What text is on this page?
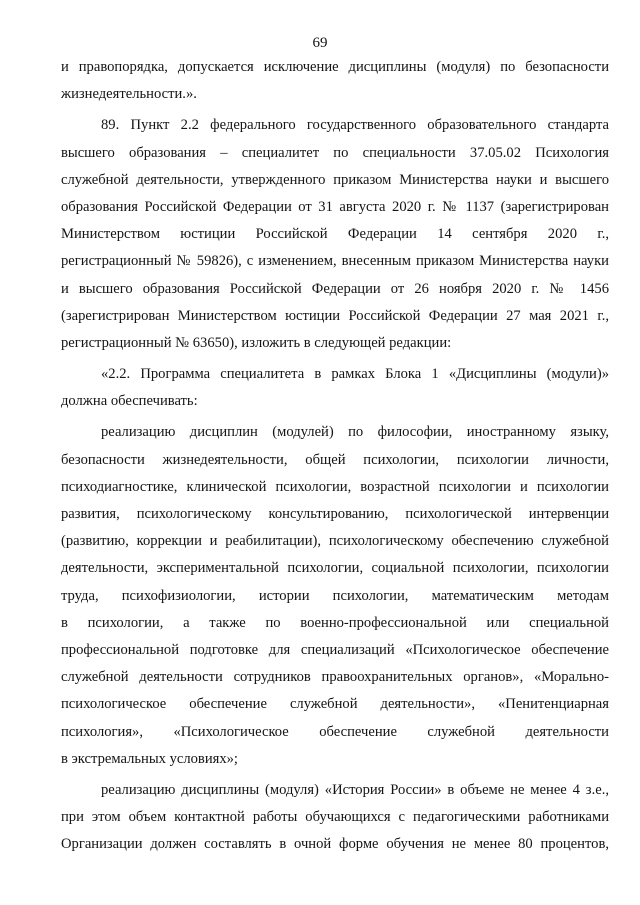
69
и правопорядка, допускается исключение дисциплины (модуля) по безопасности
жизнедеятельности.».
89. Пункт 2.2 федерального государственного образовательного стандарта
высшего образования – специалитет по специальности 37.05.02 Психология
служебной деятельности, утвержденного приказом Министерства науки и высшего
образования Российской Федерации от 31 августа 2020 г. № 1137 (зарегистрирован
Министерством юстиции Российской Федерации 14 сентября 2020 г.,
регистрационный № 59826), с изменением, внесенным приказом Министерства науки
и высшего образования Российской Федерации от 26 ноября 2020 г. № 1456
(зарегистрирован Министерством юстиции Российской Федерации 27 мая 2021 г.,
регистрационный № 63650), изложить в следующей редакции:
«2.2. Программа специалитета в рамках Блока 1 «Дисциплины (модули)»
должна обеспечивать:
реализацию дисциплин (модулей) по философии, иностранному языку,
безопасности жизнедеятельности, общей психологии, психологии личности,
психодиагностике, клинической психологии, возрастной психологии и психологии
развития, психологическому консультированию, психологической интервенции
(развитию, коррекции и реабилитации), психологическому обеспечению служебной
деятельности, экспериментальной психологии, социальной психологии, психологии
труда, психофизиологии, истории психологии, математическим методам
в психологии, а также по военно-профессиональной или специальной
профессиональной подготовке для специализаций «Психологическое обеспечение
служебной деятельности сотрудников правоохранительных органов», «Морально-
психологическое обеспечение служебной деятельности», «Пенитенциарная
психология», «Психологическое обеспечение служебной деятельности
в экстремальных условиях»;
реализацию дисциплины (модуля) «История России» в объеме не менее 4 з.е.,
при этом объем контактной работы обучающихся с педагогическими работниками
Организации должен составлять в очной форме обучения не менее 80 процентов,
